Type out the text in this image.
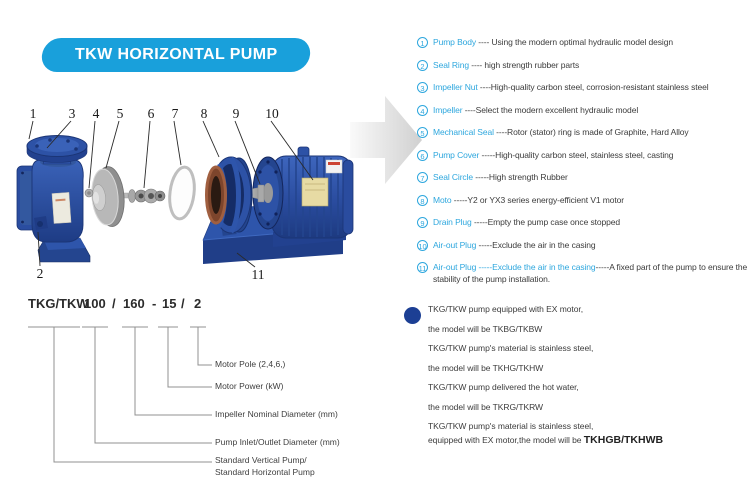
TKW HORIZONTAL PUMP
1 3 4 5 6 7 8 9 10
2	11
1 Pump Body ---- Using the modern optimal hydraulic model design
2 Seal Ring ---- high strength rubber parts
3 Impeller Nut ----High-quality carbon steel, corrosion-resistant stainless steel
4 Impeller ----Select the modern excellent hydraulic model
5 Mechanical Seal ----Rotor (stator) ring is made of Graphite, Hard Alloy
6 Pump Cover -----High-quality carbon steel, stainless steel, casting
7 Seal Circle -----High strength Rubber
8 Moto -----Y2 or YX3 series energy-efficient V1 motor
9 Drain Plug -----Empty the pump case once stopped
10 Air-out Plug -----Exclude the air in the casing
11 Air-out Plug -----Exclude the air in the casing-----A fixed part of the pump to ensure the stability of the pump installation.
TKG/TKW
100 / 160 - 15 / 2
Motor Pole (2,4,6,)
Motor Power (kW)
Impeller Nominal Diameter (mm)
Pump Inlet/Outlet Diameter (mm)
Standard Vertical Pump/
Standard Horizontal Pump
TKG/TKW pump equipped with EX motor,
the model will be TKBG/TKBW
TKG/TKW pump's material is stainless steel,
the model will be TKHG/TKHW
TKG/TKW pump delivered the hot water,
the model will be TKRG/TKRW
TKG/TKW pump's material is stainless steel,
equipped with EX motor,the model will be TKHGB/TKHWB
